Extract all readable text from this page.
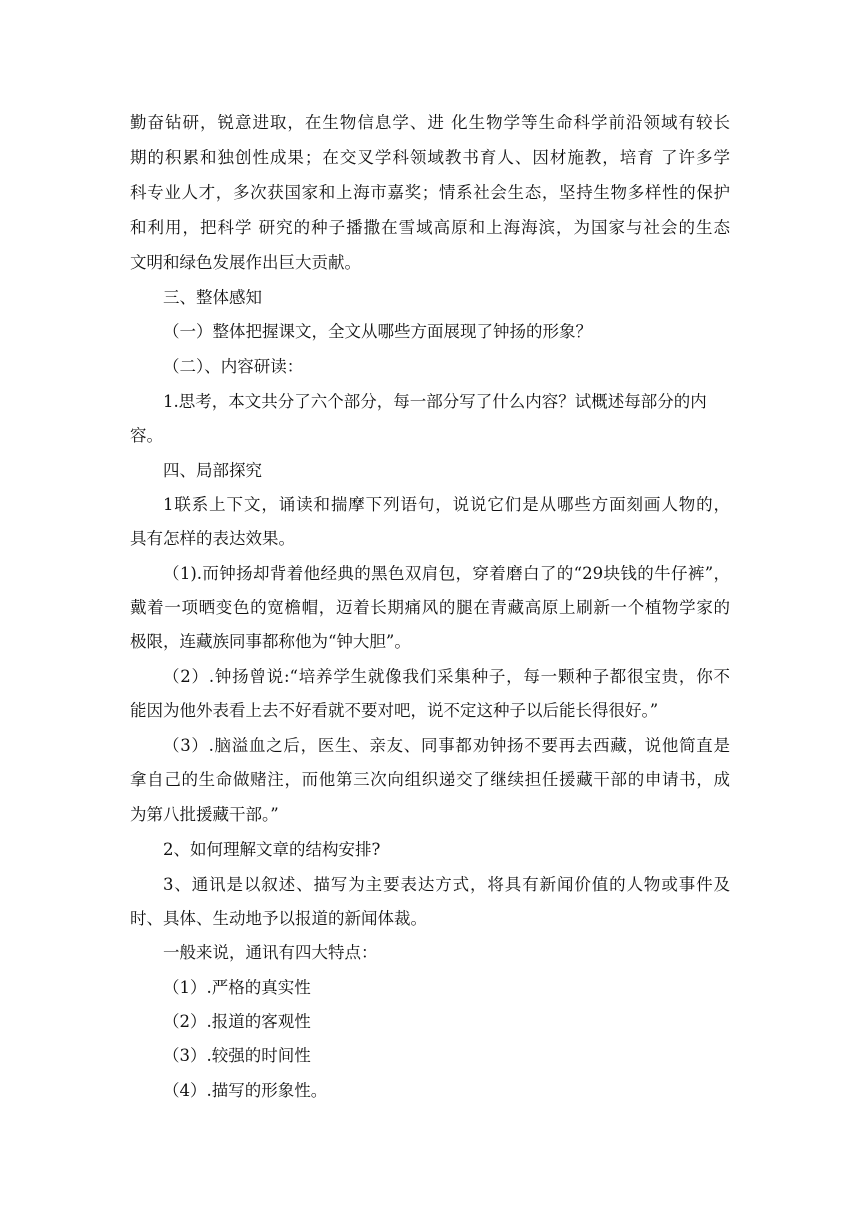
勤奋钻研，锐意进取，在生物信息学、进 化生物学等生命科学前沿领域有较长
期的积累和独创性成果；在交叉学科领域教书育人、因材施教，培育 了许多学
科专业人才，多次获国家和上海市嘉奖；情系社会生态，坚持生物多样性的保护
和利用，把科学 研究的种子播撒在雪域高原和上海海滨，为国家与社会的生态
文明和绿色发展作出巨大贡献。
三、整体感知
（一）整体把握课文，全文从哪些方面展现了钟扬的形象？
（二）、内容研读：
1.思考，本文共分了六个部分，每一部分写了什么内容？试概述每部分的内
容。
四、局部探究
1联系上下文，诵读和揣摩下列语句，说说它们是从哪些方面刻画人物的，
具有怎样的表达效果。
（1).而钟扬却背着他经典的黑色双肩包，穿着磨白了的“29块钱的牛仔裤”，
戴着一项晒变色的宽檐帽，迈着长期痛风的腿在青藏高原上刷新一个植物学家的
极限，连藏族同事都称他为“钟大胆”。
（2）.钟扬曾说:“培养学生就像我们采集种子，每一颗种子都很宝贵，你不
能因为他外表看上去不好看就不要对吧，说不定这种子以后能长得很好。”
（3）.脑溢血之后，医生、亲友、同事都劝钟扬不要再去西藏，说他简直是
拿自己的生命做赌注，而他第三次向组织递交了继续担任援藏干部的申请书，成
为第八批援藏干部。”
2、如何理解文章的结构安排?
3、通讯是以叙述、描写为主要表达方式，将具有新闻价值的人物或事件及
时、具体、生动地予以报道的新闻体裁。
一般来说，通讯有四大特点：
（1）.严格的真实性
（2）.报道的客观性
（3）.较强的时间性
（4）.描写的形象性。
